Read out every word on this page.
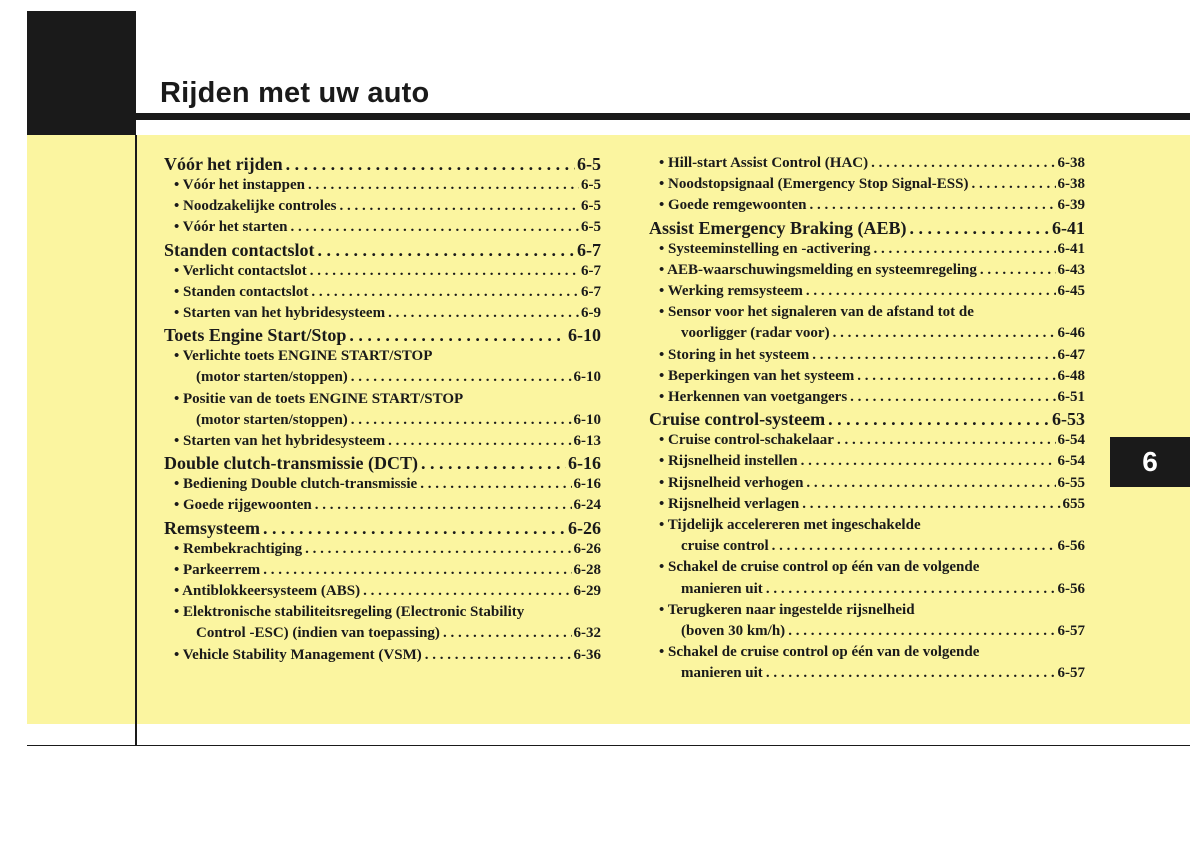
Rijden met uw auto
6
Vóór het rijden . . .	6-5
• Vóór het instappen . . .	6-5
• Noodzakelijke controles . . .	6-5
• Vóór het starten . . .	6-5
Standen contactslot . . .	6-7
• Verlicht contactslot . . .	6-7
• Standen contactslot . . .	6-7
• Starten van het hybridesysteem . . .	6-9
Toets Engine Start/Stop . . .	6-10
• Verlichte toets ENGINE START/STOP
(motor starten/stoppen) . . .	6-10
• Positie van de toets ENGINE START/STOP
(motor starten/stoppen) . . .	6-10
• Starten van het hybridesysteem . . .	6-13
Double clutch-transmissie (DCT) . . .	6-16
• Bediening Double clutch-transmissie . . .	6-16
• Goede rijgewoonten . . .	6-24
Remsysteem . . .	6-26
• Rembekrachtiging . . .	6-26
• Parkeerrem . . .	6-28
• Antiblokkeersysteem (ABS) . . .	6-29
• Elektronische stabiliteitsregeling (Electronic Stability
Control -ESC) (indien van toepassing) . . .	6-32
• Vehicle Stability Management (VSM) . . .	6-36
• Hill-start Assist Control (HAC) . . .	6-38
• Noodstopsignaal (Emergency Stop Signal-ESS) . . .	6-38
• Goede remgewoonten . . .	6-39
Assist Emergency Braking (AEB) . . .	6-41
• Systeeminstelling en -activering . . .	6-41
• AEB-waarschuwingsmelding en systeemregeling . . .	6-43
• Werking remsysteem . . .	6-45
• Sensor voor het signaleren van de afstand tot de
voorligger (radar voor) . . .	6-46
• Storing in het systeem . . .	6-47
• Beperkingen van het systeem . . .	6-48
• Herkennen van voetgangers . . .	6-51
Cruise control-systeem . . .	6-53
• Cruise control-schakelaar . . .	6-54
• Rijsnelheid instellen . . .	6-54
• Rijsnelheid verhogen . . .	6-55
• Rijsnelheid verlagen . . .	655
• Tijdelijk accelereren met ingeschakelde
cruise control . . .	6-56
• Schakel de cruise control op één van de volgende
manieren uit . . .	6-56
• Terugkeren naar ingestelde rijsnelheid
(boven 30 km/h) . . .	6-57
• Schakel de cruise control op één van de volgende
manieren uit . . .	6-57
